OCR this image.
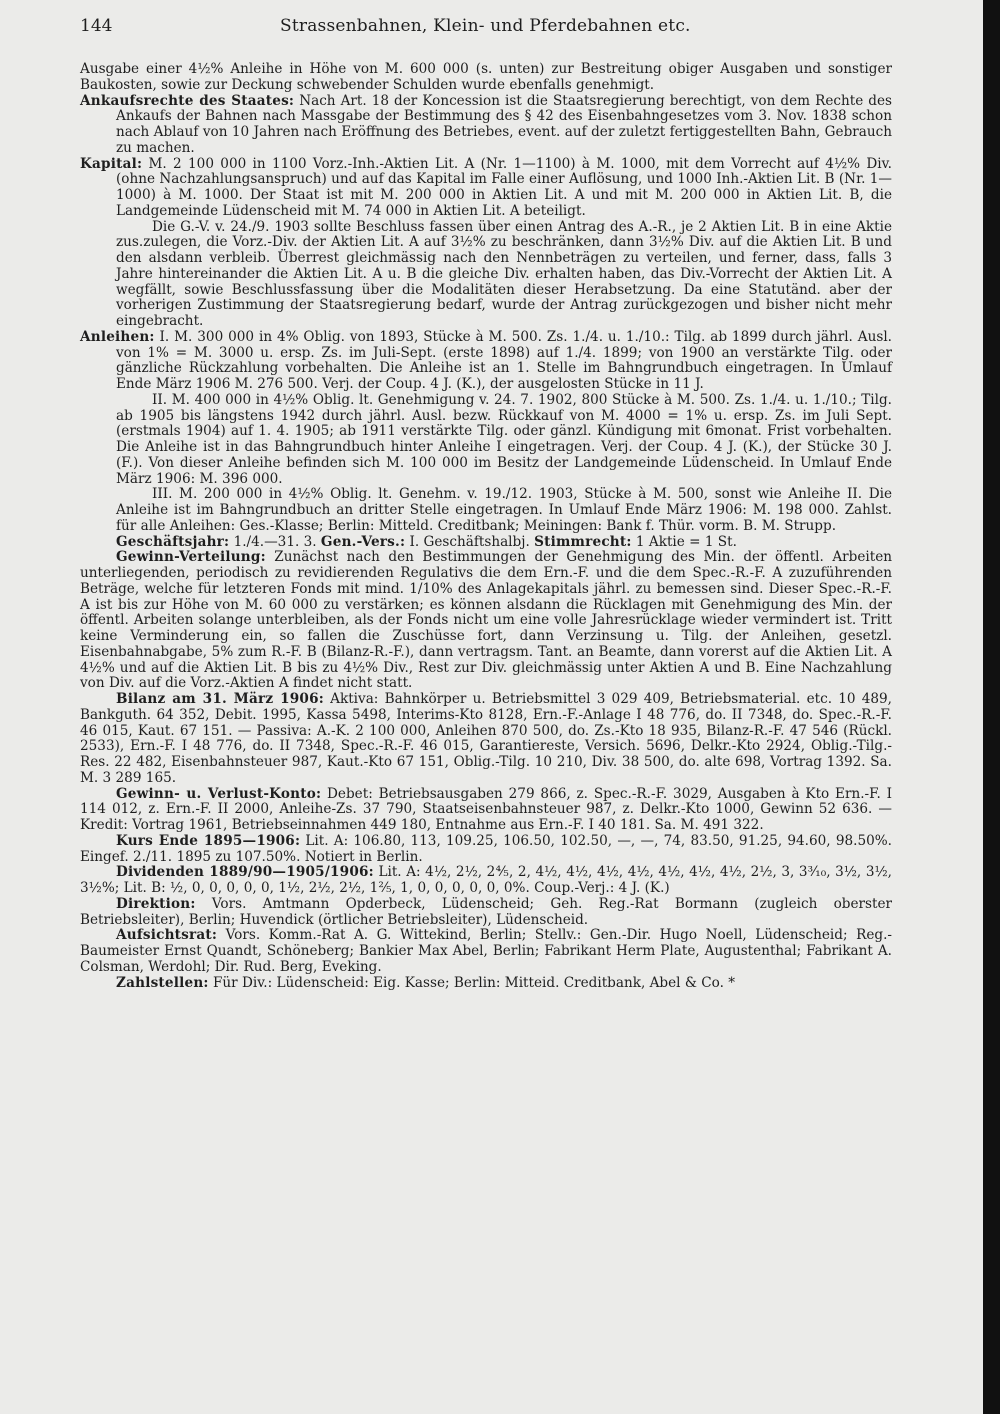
144	Strassenbahnen, Klein- und Pferdebahnen etc.

Ausgabe einer 4½% Anleihe in Höhe von M. 600 000 (s. unten) zur Bestreitung obiger Ausgaben und sonstiger Baukosten, sowie zur Deckung schwebender Schulden wurde ebenfalls genehmigt.

Ankaufsrechte des Staates: Nach Art. 18 der Koncession ist die Staatsregierung berechtigt, von dem Rechte des Ankaufs der Bahnen nach Massgabe der Bestimmung des § 42 des Eisenbahngesetzes vom 3. Nov. 1838 schon nach Ablauf von 10 Jahren nach Eröffnung des Betriebes, event. auf der zuletzt fertiggestellten Bahn, Gebrauch zu machen.

Kapital: M. 2 100 000 in 1100 Vorz.-Inh.-Aktien Lit. A (Nr. 1—1100) à M. 1000, mit dem Vorrecht auf 4½% Div. (ohne Nachzahlungsanspruch) und auf das Kapital im Falle einer Auflösung, und 1000 Inh.-Aktien Lit. B (Nr. 1—1000) à M. 1000. Der Staat ist mit M. 200 000 in Aktien Lit. A und mit M. 200 000 in Aktien Lit. B, die Landgemeinde Lüdenscheid mit M. 74 000 in Aktien Lit. A beteiligt.

Die G.-V. v. 24./9. 1903 sollte Beschluss fassen über einen Antrag des A.-R., je 2 Aktien Lit. B in eine Aktie zus.zulegen, die Vorz.-Div. der Aktien Lit. A auf 3½% zu beschränken, dann 3½% Div. auf die Aktien Lit. B und den alsdann verbleib. Überrest gleichmässig nach den Nennbeträgen zu verteilen, und ferner, dass, falls 3 Jahre hintereinander die Aktien Lit. A u. B die gleiche Div. erhalten haben, das Div.-Vorrecht der Aktien Lit. A wegfällt, sowie Beschlussfassung über die Modalitäten dieser Herabsetzung. Da eine Statutänd. aber der vorherigen Zustimmung der Staatsregierung bedarf, wurde der Antrag zurückgezogen und bisher nicht mehr eingebracht.

Anleihen: I. M. 300 000 in 4% Oblig. von 1893, Stücke à M. 500. Zs. 1./4. u. 1./10.: Tilg. ab 1899 durch jährl. Ausl. von 1% = M. 3000 u. ersp. Zs. im Juli-Sept. (erste 1898) auf 1./4. 1899; von 1900 an verstärkte Tilg. oder gänzliche Rückzahlung vorbehalten. Die Anleihe ist an 1. Stelle im Bahngrundbuch eingetragen. In Umlauf Ende März 1906 M. 276 500. Verj. der Coup. 4 J. (K.), der ausgelosten Stücke in 11 J.

II. M. 400 000 in 4½% Oblig. lt. Genehmigung v. 24. 7. 1902, 800 Stücke à M. 500. Zs. 1./4. u. 1./10.; Tilg. ab 1905 bis längstens 1942 durch jährl. Ausl. bezw. Rückkauf von M. 4000 = 1% u. ersp. Zs. im Juli Sept. (erstmals 1904) auf 1. 4. 1905; ab 1911 verstärkte Tilg. oder gänzl. Kündigung mit 6monat. Frist vorbehalten. Die Anleihe ist in das Bahngrundbuch hinter Anleihe I eingetragen. Verj. der Coup. 4 J. (K.), der Stücke 30 J. (F.). Von dieser Anleihe befinden sich M. 100 000 im Besitz der Landgemeinde Lüdenscheid. In Umlauf Ende März 1906: M. 396 000.

III. M. 200 000 in 4½% Oblig. lt. Genehm. v. 19./12. 1903, Stücke à M. 500, sonst wie Anleihe II. Die Anleihe ist im Bahngrundbuch an dritter Stelle eingetragen. In Umlauf Ende März 1906: M. 198 000. Zahlst. für alle Anleihen: Ges.-Klasse; Berlin: Mitteld. Creditbank; Meiningen: Bank f. Thür. vorm. B. M. Strupp.

Geschäftsjahr: 1./4.—31. 3. Gen.-Vers.: I. Geschäftshalbj. Stimmrecht: 1 Aktie = 1 St.

Gewinn-Verteilung: Zunächst nach den Bestimmungen der Genehmigung des Min. der öffentl. Arbeiten unterliegenden, periodisch zu revidierenden Regulativs die dem Ern.-F. und die dem Spec.-R.-F. A zuzuführenden Beträge, welche für letzteren Fonds mit mind. 1/10% des Anlagekapitals jährl. zu bemessen sind. Dieser Spec.-R.-F. A ist bis zur Höhe von M. 60 000 zu verstärken; es können alsdann die Rücklagen mit Genehmigung des Min. der öffentl. Arbeiten solange unterbleiben, als der Fonds nicht um eine volle Jahresrücklage wieder vermindert ist. Tritt keine Verminderung ein, so fallen die Zuschüsse fort, dann Verzinsung u. Tilg. der Anleihen, gesetzl. Eisenbahnabgabe, 5% zum R.-F. B (Bilanz-R.-F.), dann vertragsm. Tant. an Beamte, dann vorerst auf die Aktien Lit. A 4½% und auf die Aktien Lit. B bis zu 4½% Div., Rest zur Div. gleichmässig unter Aktien A und B. Eine Nachzahlung von Div. auf die Vorz.-Aktien A findet nicht statt.

Bilanz am 31. März 1906: Aktiva: Bahnkörper u. Betriebsmittel 3 029 409, Betriebsmaterial. etc. 10 489, Bankguth. 64 352, Debit. 1995, Kassa 5498, Interims-Kto 8128, Ern.-F.-Anlage I 48 776, do. II 7348, do. Spec.-R.-F. 46 015, Kaut. 67 151. — Passiva: A.-K. 2 100 000, Anleihen 870 500, do. Zs.-Kto 18 935, Bilanz-R.-F. 47 546 (Rückl. 2533), Ern.-F. I 48 776, do. II 7348, Spec.-R.-F. 46 015, Garantiereste, Versich. 5696, Delkr.-Kto 2924, Oblig.-Tilg.-Res. 22 482, Eisenbahnsteuer 987, Kaut.-Kto 67 151, Oblig.-Tilg. 10 210, Div. 38 500, do. alte 698, Vortrag 1392. Sa. M. 3 289 165.

Gewinn- u. Verlust-Konto: Debet: Betriebsausgaben 279 866, z. Spec.-R.-F. 3029, Ausgaben à Kto Ern.-F. I 114 012, z. Ern.-F. II 2000, Anleihe-Zs. 37 790, Staatseisenbahnsteuer 987, z. Delkr.-Kto 1000, Gewinn 52 636. — Kredit: Vortrag 1961, Betriebseinnahmen 449 180, Entnahme aus Ern.-F. I 40 181. Sa. M. 491 322.

Kurs Ende 1895—1906: Lit. A: 106.80, 113, 109.25, 106.50, 102.50, —, —, 74, 83.50, 91.25, 94.60, 98.50%. Eingef. 2./11. 1895 zu 107.50%. Notiert in Berlin.

Dividenden 1889/90—1905/1906: Lit. A: 4½, 2½, 2⅘, 2, 4½, 4½, 4½, 4½, 4½, 4½, 4½, 2½, 3, 3³⁄₁₀, 3½, 3½, 3½%; Lit. B: ½, 0, 0, 0, 0, 0, 1½, 2½, 2½, 1⅖, 1, 0, 0, 0, 0, 0, 0%. Coup.-Verj.: 4 J. (K.)

Direktion: Vors. Amtmann Opderbeck, Lüdenscheid; Geh. Reg.-Rat Bormann (zugleich oberster Betriebsleiter), Berlin; Huvendick (örtlicher Betriebsleiter), Lüdenscheid.

Aufsichtsrat: Vors. Komm.-Rat A. G. Wittekind, Berlin; Stellv.: Gen.-Dir. Hugo Noell, Lüdenscheid; Reg.-Baumeister Ernst Quandt, Schöneberg; Bankier Max Abel, Berlin; Fabrikant Herm Plate, Augustenthal; Fabrikant A. Colsman, Werdohl; Dir. Rud. Berg, Eveking.

Zahlstellen: Für Div.: Lüdenscheid: Eig. Kasse; Berlin: Mitteid. Creditbank, Abel & Co. *
